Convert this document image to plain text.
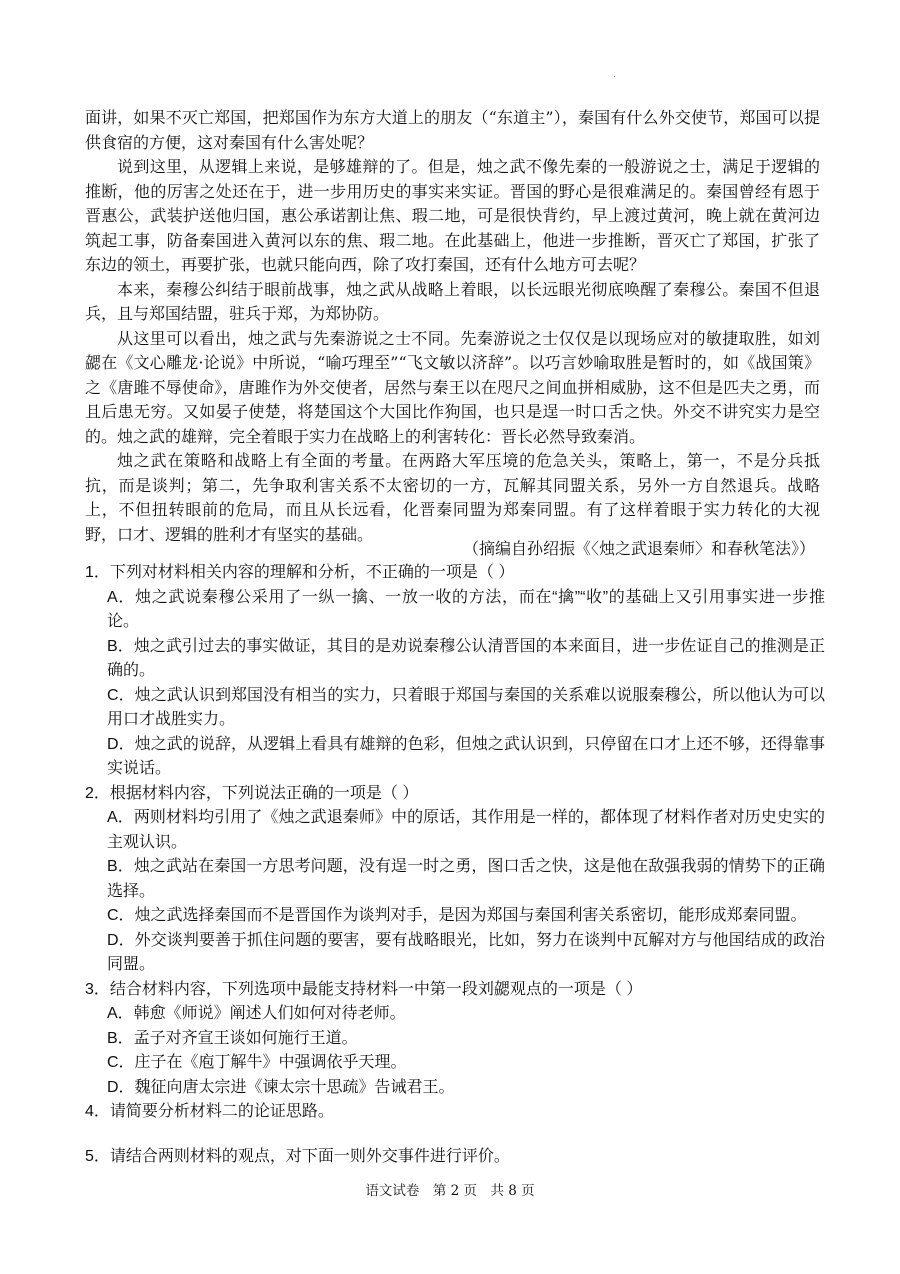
面讲，如果不灭亡郑国，把郑国作为东方大道上的朋友（“东道主”），秦国有什么外交使节，郑国可以提供食宿的方便，这对秦国有什么害处呢？

说到这里，从逻辑上来说，是够雄辩的了。但是，烛之武不像先秦的一般游说之士，满足于逻辑的推断，他的厉害之处还在于，进一步用历史的事实来实证。晋国的野心是很难满足的。秦国曾经有恩于晋惠公，武装护送他归国，惠公承诺割让焦、瑕二地，可是很快背约，早上渡过黄河，晚上就在黄河边筑起工事，防备秦国进入黄河以东的焦、瑕二地。在此基础上，他进一步推断，晋灭亡了郑国，扩张了东边的领土，再要扩张，也就只能向西，除了攻打秦国，还有什么地方可去呢？

本来，秦穆公纠结于眼前战事，烛之武从战略上着眼，以长远眼光彻底唤醒了秦穆公。秦国不但退兵，且与郑国结盟，驻兵于郑，为郑协防。

从这里可以看出，烛之武与先秦游说之士不同。先秦游说之士仅仅是以现场应对的敏捷取胜，如刘勰在《文心雕龙·论说》中所说，“喻巧理至”“飞文敏以济辞”。以巧言妙喻取胜是暂时的，如《战国策》之《唐雎不辱使命》，唐雎作为外交使者，居然与秦王以在咫尺之间血拼相威胁，这不但是匹夫之勇，而且后患无穷。又如晏子使楚，将楚国这个大国比作狗国，也只是逞一时口舌之快。外交不讲究实力是空的。烛之武的雄辩，完全着眼于实力在战略上的利害转化：晋长必然导致秦消。

烛之武在策略和战略上有全面的考量。在两路大军压境的危急关头，策略上，第一，不是分兵抵抗，而是谈判；第二，先争取利害关系不太密切的一方，瓦解其同盟关系，另外一方自然退兵。战略上，不但扭转眼前的危局，而且从长远看，化晋秦同盟为郑秦同盟。有了这样着眼于实力转化的大视野，口才、逻辑的胜利才有坚实的基础。

（摘编自孙绍振《〈烛之武退秦师〉和春秋笔法》）
1．下列对材料相关内容的理解和分析，不正确的一项是（ ）
A．烛之武说秦穆公采用了一纵一擒、一放一收的方法，而在“擒”“收”的基础上又引用事实进一步推论。
B．烛之武引过去的事实做证，其目的是劝说秦穆公认清晋国的本来面目，进一步佐证自己的推测是正确的。
C．烛之武认识到郑国没有相当的实力，只着眼于郑国与秦国的关系难以说服秦穆公，所以他认为可以用口才战胜实力。
D．烛之武的说辞，从逻辑上看具有雄辩的色彩，但烛之武认识到，只停留在口才上还不够，还得靠事实说话。
2．根据材料内容，下列说法正确的一项是（ ）
A．两则材料均引用了《烛之武退秦师》中的原话，其作用是一样的，都体现了材料作者对历史史实的主观认识。
B．烛之武站在秦国一方思考问题，没有逞一时之勇，图口舌之快，这是他在敌强我弱的情势下的正确选择。
C．烛之武选择秦国而不是晋国作为谈判对手，是因为郑国与秦国利害关系密切，能形成郑秦同盟。
D．外交谈判要善于抓住问题的要害，要有战略眼光，比如，努力在谈判中瓦解对方与他国结成的政治同盟。
3．结合材料内容，下列选项中最能支持材料一中第一段刘勰观点的一项是（ ）
A．韩愈《师说》阐述人们如何对待老师。
B．孟子对齐宣王谈如何施行王道。
C．庄子在《庖丁解牛》中强调依乎天理。
D．魏征向唐太宗进《谏太宗十思疏》告诫君王。
4．请简要分析材料二的论证思路。
5．请结合两则材料的观点，对下面一则外交事件进行评价。
语文试卷　第 2 页　共 8 页
